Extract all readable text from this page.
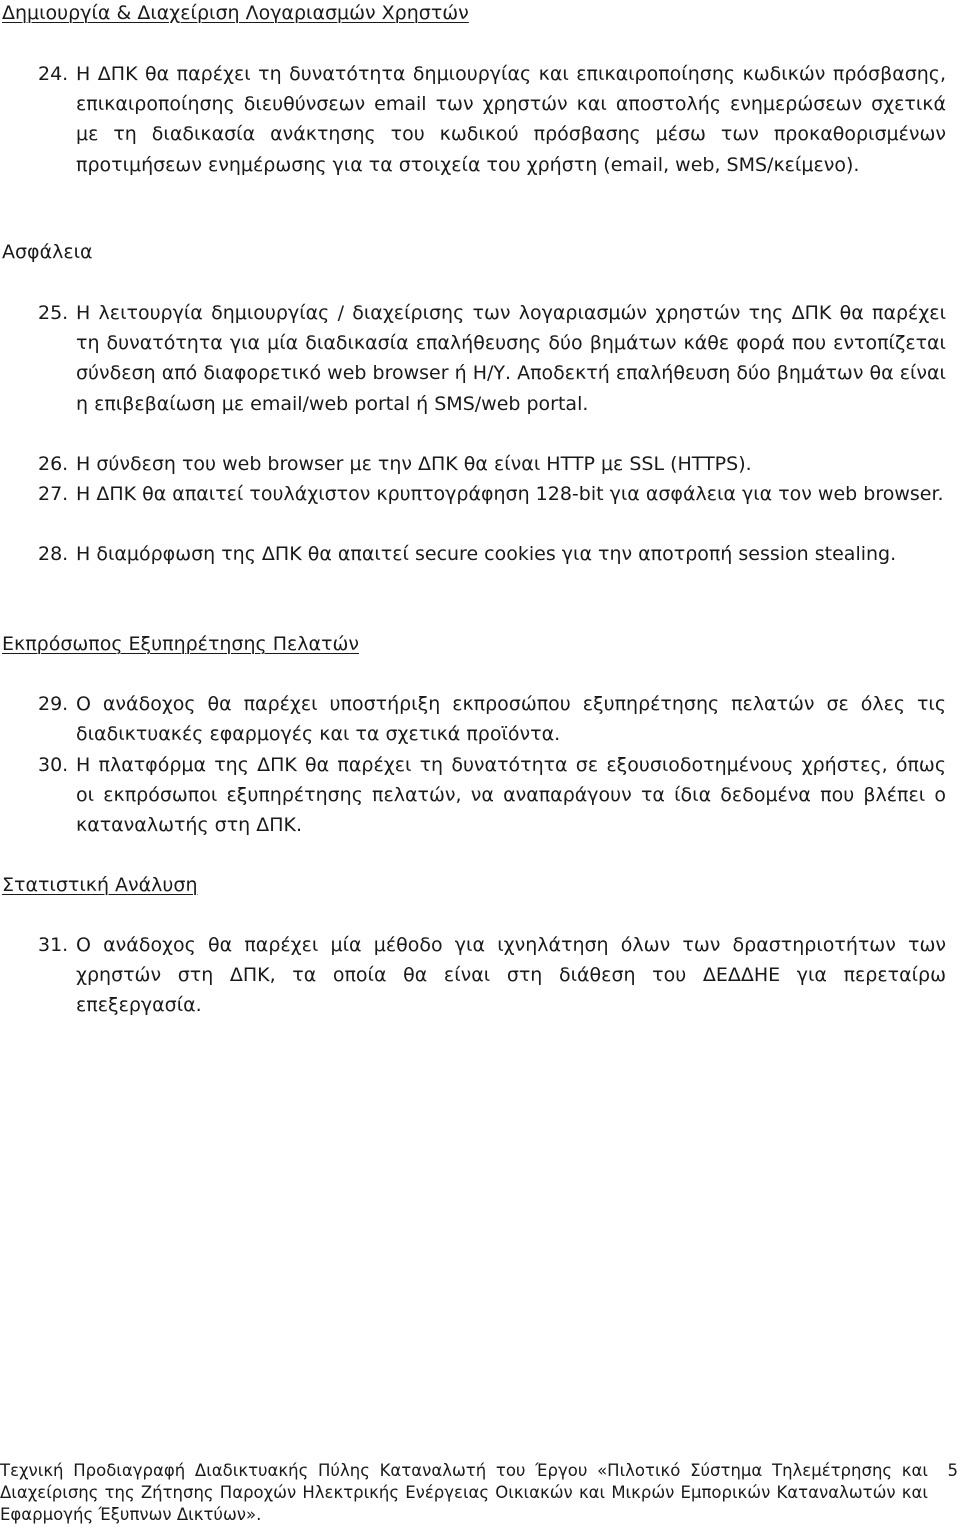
Δημιουργία & Διαχείριση Λογαριασμών Χρηστών
24. Η ΔΠΚ θα παρέχει τη δυνατότητα δημιουργίας και επικαιροποίησης κωδικών πρόσβασης, επικαιροποίησης διευθύνσεων email των χρηστών και αποστολής ενημερώσεων σχετικά με τη διαδικασία ανάκτησης του κωδικού πρόσβασης μέσω των προκαθορισμένων προτιμήσεων ενημέρωσης για τα στοιχεία του χρήστη (email, web, SMS/κείμενο).
Ασφάλεια
25. Η λειτουργία δημιουργίας / διαχείρισης των λογαριασμών χρηστών της ΔΠΚ θα παρέχει τη δυνατότητα για μία διαδικασία επαλήθευσης δύο βημάτων κάθε φορά που εντοπίζεται σύνδεση από διαφορετικό web browser ή Η/Υ. Αποδεκτή επαλήθευση δύο βημάτων θα είναι η επιβεβαίωση με email/web portal ή SMS/web portal.
26. Η σύνδεση του web browser με την ΔΠΚ θα είναι HTTP με SSL (HTTPS).
27. Η ΔΠΚ θα απαιτεί τουλάχιστον κρυπτογράφηση 128-bit για ασφάλεια για τον web browser.
28. Η διαμόρφωση της ΔΠΚ θα απαιτεί secure cookies για την αποτροπή session stealing.
Εκπρόσωπος Εξυπηρέτησης Πελατών
29. Ο ανάδοχος θα παρέχει υποστήριξη εκπροσώπου εξυπηρέτησης πελατών σε όλες τις διαδικτυακές εφαρμογές και τα σχετικά προϊόντα.
30. Η πλατφόρμα της ΔΠΚ θα παρέχει τη δυνατότητα σε εξουσιοδοτημένους χρήστες, όπως οι εκπρόσωποι εξυπηρέτησης πελατών, να αναπαράγουν τα ίδια δεδομένα που βλέπει ο καταναλωτής στη ΔΠΚ.
Στατιστική Ανάλυση
31. Ο ανάδοχος θα παρέχει μία μέθοδο για ιχνηλάτηση όλων των δραστηριοτήτων των χρηστών στη ΔΠΚ, τα οποία θα είναι στη διάθεση του ΔΕΔΔΗΕ για περεταίρω επεξεργασία.
Τεχνική Προδιαγραφή Διαδικτυακής Πύλης Καταναλωτή του Έργου «Πιλοτικό Σύστημα Τηλεμέτρησης και Διαχείρισης της Ζήτησης Παροχών Ηλεκτρικής Ενέργειας Οικιακών και Μικρών Εμπορικών Καταναλωτών και Εφαρμογής Έξυπνων Δικτύων».
5
